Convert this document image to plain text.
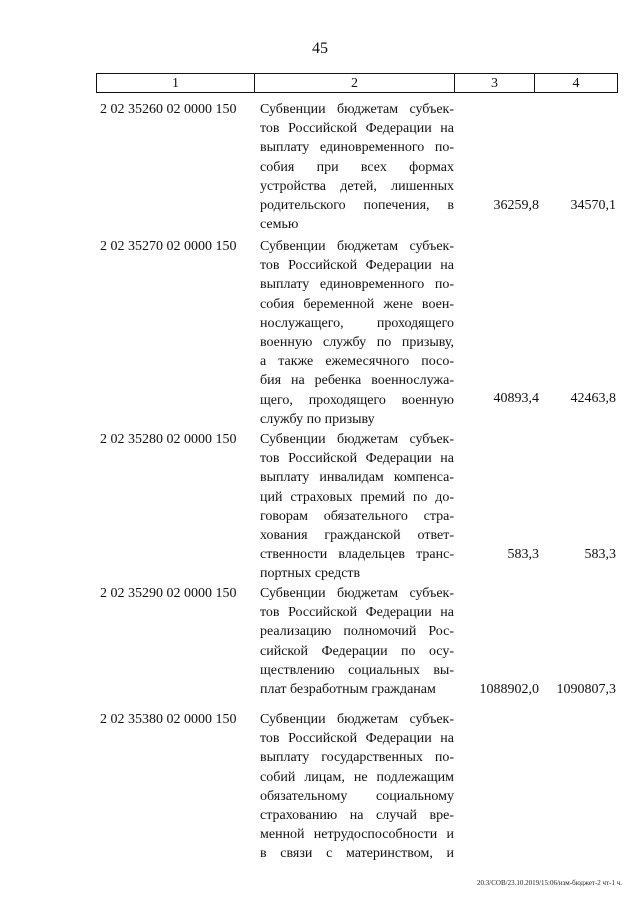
45
1	2	3	4
2 02 35260 02 0000 150 Субвенции бюджетам субъек-
тов Российской Федерации на
выплату единовременного по-
собия при всех формах
устройства детей, лишенных
родительского попечения, в
семью
36259,8 34570,1
2 02 35270 02 0000 150 Субвенции бюджетам субъек-
тов Российской Федерации на
выплату единовременного по-
собия беременной жене воен-
нослужащего, проходящего
военную службу по призыву,
а также ежемесячного посо-
бия на ребенка военнослужа-
щего, проходящего военную
службу по призыву
40893,4 42463,8
2 02 35280 02 0000 150 Субвенции бюджетам субъек-
тов Российской Федерации на
выплату инвалидам компенса-
ций страховых премий по до-
говорам обязательного стра-
хования гражданской ответ-
ственности владельцев транс-
портных средств
583,3	583,3
2 02 35290 02 0000 150 Субвенции бюджетам субъек-
тов Российской Федерации на
реализацию полномочий Рос-
сийской Федерации по осу-
ществлению социальных вы-
плат безработным гражданам	1088902,0 1090807,3
2 02 35380 02 0000 150 Субвенции бюджетам субъек-
тов Российской Федерации на
выплату государственных по-
собий лицам, не подлежащим
обязательному социальному
страхованию на случай вре-
менной нетрудоспособности и
в связи с материнством, и
20.3/СОВ/23.10.2019/15:06/изм-бюджет-2 чт-1 ч.
